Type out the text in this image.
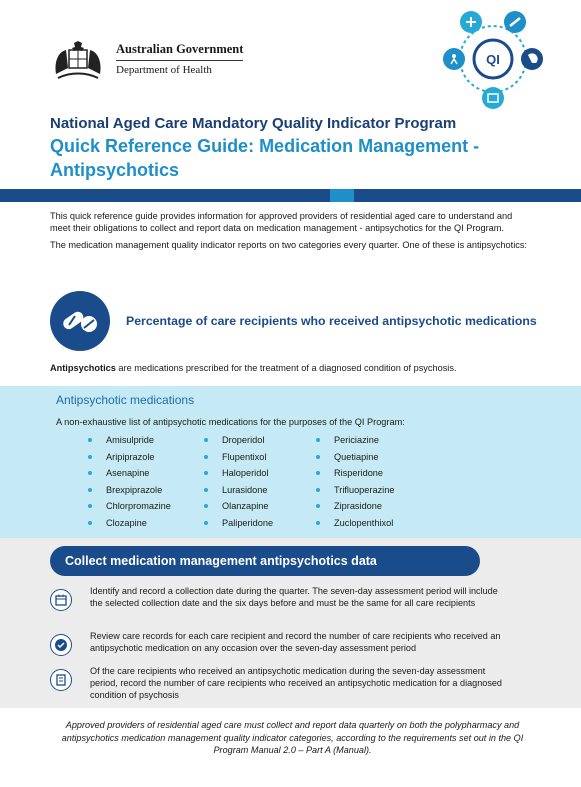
Australian Government
Department of Health
QI
National Aged Care Mandatory Quality Indicator Program
Quick Reference Guide: Medication Management - Antipsychotics

This quick reference guide provides information for approved providers of residential aged care to understand and meet their obligations to collect and report data on medication management - antipsychotics for the QI Program.

The medication management quality indicator reports on two categories every quarter. One of these is antipsychotics:

Percentage of care recipients who received antipsychotic medications
Antipsychotics are medications prescribed for the treatment of a diagnosed condition of psychosis.
Antipsychotic medications
A non-exhaustive list of antipsychotic medications for the purposes of the QI Program:
Amisulpride
Aripiprazole
Asenapine
Brexpiprazole
Chlorpromazine
Clozapine
Droperidol
Flupentixol
Haloperidol
Lurasidone
Olanzapine
Paliperidone
Periciazine
Quetiapine
Risperidone
Trifluoperazine
Ziprasidone
Zuclopenthixol
Collect medication management antipsychotics data
Identify and record a collection date during the quarter. The seven-day assessment period will include the selected collection date and the six days before and must be the same for all care recipients
Review care records for each care recipient and record the number of care recipients who received an antipsychotic medication on any occasion over the seven-day assessment period
Of the care recipients who received an antipsychotic medication during the seven-day assessment period, record the number of care recipients who received an antipsychotic medication for a diagnosed condition of psychosis
Approved providers of residential aged care must collect and report data quarterly on both the polypharmacy and antipsychotics medication management quality indicator categories, according to the requirements set out in the QI Program Manual 2.0 – Part A (Manual).
